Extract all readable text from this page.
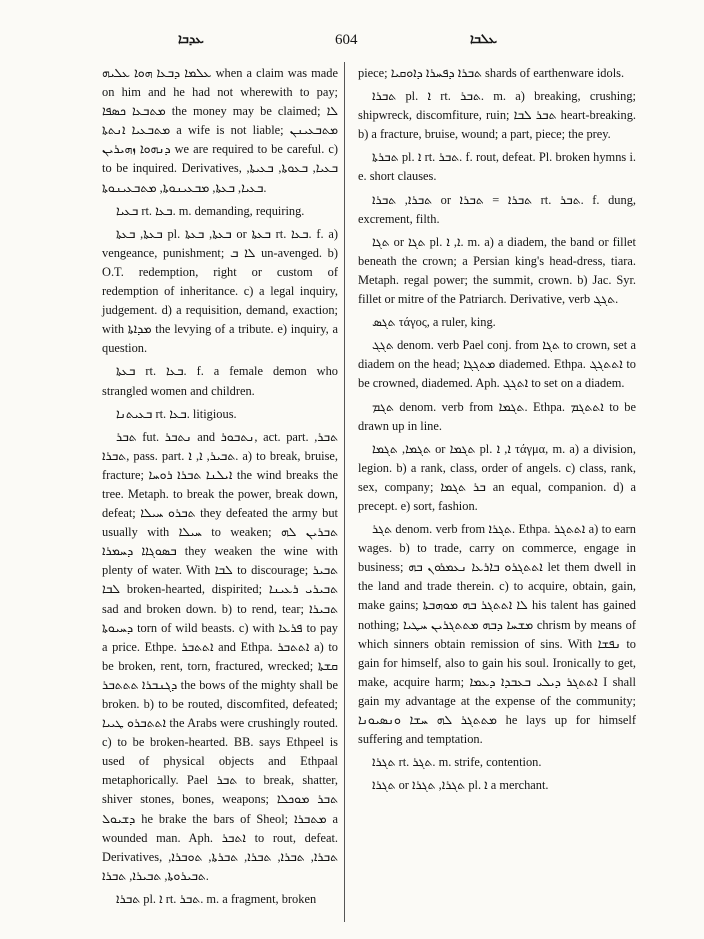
ܥܕܒܐ	604	ܥܠܒܐ

ܥܠܡܐ ܕܒܥܐ ܗܘܐ ܥܠܝܗ when a claim was made on him and he had not wherewith to pay; ܡܬܒܥܐ ܟܣܦܐ the money may be claimed; ܠܐ ܡܬܒܥܝܐ ܐܢܬܬܐ a wife is not liable; ܡܬܒܥܝܢܢ ܕܢܗܘܐ ܙܗܝܪܝܢ we are required to be careful. c) to be inquired. Derivatives, ܒܥܝܐ, ܒܥܘܬܐ, ܒܥܝܬܐ, ܒܥܝܐ, ܒܥܬܐ, ܡܒܥܝܢܘܬܐ, ܡܬܒܥܝܢܘܬܐ.

ܒܥܝܐ rt. ܒܥܐ. m. demanding, requiring.

ܒܥܬܐ, ܒܥܬܐ pl. ܒܥܬܐ, ܒܥܬܐ or ܒܥܬܐ rt. ܒܥܐ. f. a) vengeance, punishment; ܠܐ ܒ un-avenged. b) O.T. redemption, right or custom of redemption of inheritance. c) a legal inquiry, judgement. d) a requisition, demand, exaction; with ܡܕܐܬܐ the levying of a tribute. e) inquiry, a question.

ܒܥܬܐ rt. ܒܥܐ. f. a female demon who strangled women and children.

ܒܥܝܬܢܐ rt. ܒܥܐ. litigious.

ܬܒܪ fut. ܢܬܒܪ and ܢܬܒܘܪ, act. part. ܬܒܪ, ܬܒܪܐ, pass. part. ܬܒܝܪ, ܐ, ܐ. a) to break, bruise, fracture; ܐܝܠܢܐ ܬܒܪܐ ܪܘܚܐ the wind breaks the tree. Metaph. to break the power, break down, defeat; ܬܒܪܘ ܚܝܠܐ they defeated the army but usually with ܚܝܠܐ to weaken; ܬܒܪܝܢ ܠܗ ܒܣܘܓܐܐ ܕܚܡܪܐ they weaken the wine with plenty of water. With ܠܒܐ to discourage; ܬܒܝܪ ܠܒܐ broken-hearted, dispirited; ܬܒܝܪܝ ܪܥܝܢܐ sad and broken down. b) to rend, tear; ܬܒܝܪܐ ܕܚܝܘܬܐ torn of wild beasts. c) with ܦܪܥܐ to pay a price. Ethpe. ܐܬܬܒܪ and Ethpa. ܐܬܬܒܪ a) to be broken, rent, torn, fractured, wrecked; ܩܫܬܐ ܕܓܢܒܪܐ ܬܬܬܒܪ the bows of the mighty shall be broken. b) to be routed, discomfited, defeated; ܐܬܬܒܪܘ ܛܝܝܐ the Arabs were crushingly routed. c) to be broken-hearted. BB. says Ethpeel is used of physical objects and Ethpaal metaphorically. Pael ܬܒܪ to break, shatter, shiver stones, bones, weapons; ܬܒܪ ܡܘܟܠܐ ܕܫܝܘܠ he brake the bars of Sheol; ܡܬܒܪܐ a wounded man. Aph. ܐܬܒܪ to rout, defeat. Derivatives, ܬܒܪܐ, ܬܒܪܐ, ܬܒܪܐ, ܬܒܪܬܐ, ܬܘܒܪܐ, ܬܒܝܪܘܬܐ, ܬܒܝܪܐ, ܬܒܪܐ.

ܬܒܪܐ pl. ܐ rt. ܬܒܪ. m. a fragment, broken

piece; ܬܒܪܐ ܕܦܚܪܐ ܕܐܘܩܝܐ shards of earthenware idols.

ܬܒܪܐ pl. ܐ rt. ܬܒܪ. m. a) breaking, crushing; shipwreck, discomfiture, ruin; ܬܒܪ ܠܒܐ heart-breaking. b) a fracture, bruise, wound; a part, piece; the prey.

ܬܒܪܬܐ pl. ܐ rt. ܬܒܪ. f. rout, defeat. Pl. broken hymns i. e. short clauses.

ܬܒܪܐ, ܬܒܪܐ or ܬܒܪܐ = ܬܒܪܐ rt. ܬܒܪ. f. dung, excrement, filth.

ܬܓܐ or ܬܓܐ pl. ܐ, ܐ. m. a) a diadem, the band or fillet beneath the crown; a Persian king's head-dress, tiara. Metaph. regal power; the summit, crown. b) Jac. Syr. fillet or mitre of the Patriarch. Derivative, verb ܬܓܓ.

ܬܓܣ τάγος, a ruler, king.

ܬܓܓ denom. verb Pael conj. from ܬܓܐ to crown, set a diadem on the head; ܡܬܓܓܐ diademed. Ethpa. ܐܬܬܓܓ to be crowned, diademed. Aph. ܐܬܓܓ to set on a diadem.

ܬܓܡ denom. verb from ܬܓܡܐ. Ethpa. ܐܬܬܓܡ to be drawn up in line.

ܬܓܡܐ, ܬܓܡܐ or ܬܓܡܐ pl. ܐ, ܐ τάγμα, m. a) a division, legion. b) a rank, class, order of angels. c) class, rank, sex, company; ܒܪ ܬܓܡܐ an equal, companion. d) a precept. e) sort, fashion.

ܬܓܪ denom. verb from ܬܓܪܐ. Ethpa. ܐܬܬܓܪ a) to earn wages. b) to trade, carry on commerce, engage in business; ܐܬܬܓܪܘ ܒܐܪܥܐ ܢܥܡܪܘܢ ܒܗ let them dwell in the land and trade therein. c) to acquire, obtain, gain, make gains; ܠܐ ܐܬܬܓܪ ܒܗ ܡܘܗܒܬܐ his talent has gained nothing; ܡܫܚܐ ܕܒܗ ܡܬܬܓܪܝܢ ܚܛܝܐ chrism by means of which sinners obtain remission of sins. With ܢܦܫܐ to gain for himself, also to gain his soul. Ironically to get, make, acquire harm; ܐܬܬܓܪ ܕܝܠܝ ܒܥܒܕܐ ܕܥܡܐ I shall gain my advantage at the expense of the community; ܡܬܬܓܪ ܠܗ ܚܫܐ ܘܢܣܝܘܢܐ he lays up for himself suffering and temptation.

ܬܓܪܐ rt. ܬܓܪ. m. strife, contention.

ܬܓܪܐ or ܬܓܪܐ, ܬܓܪܐ pl. ܐ a merchant.
